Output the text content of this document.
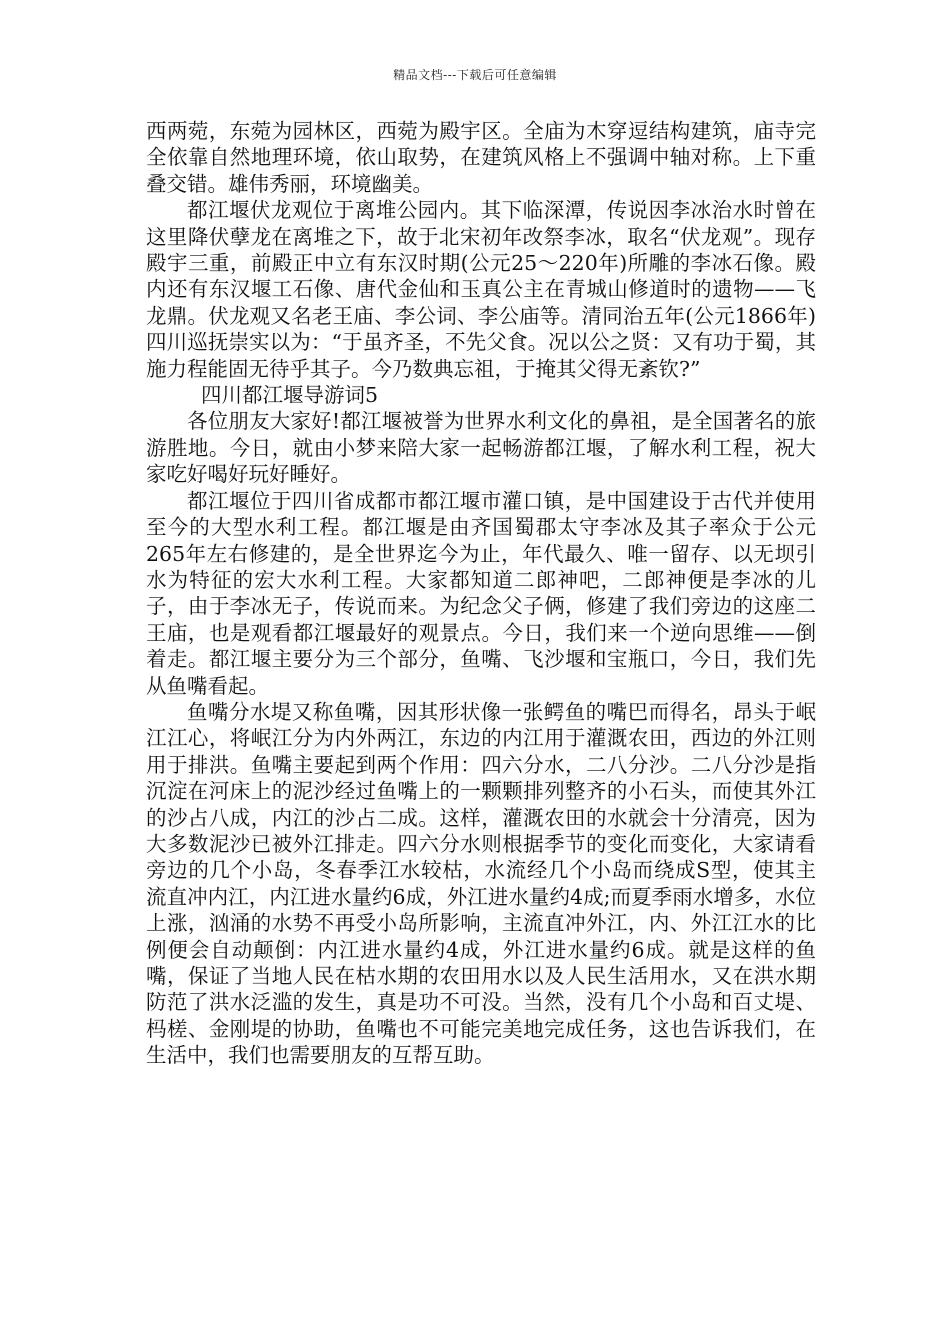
精品文档---下载后可任意编辑

西两菀，东菀为园林区，西菀为殿宇区。全庙为木穿逗结构建筑，庙寺完全依靠自然地理环境，依山取势，在建筑风格上不强调中轴对称。上下重叠交错。雄伟秀丽，环境幽美。

都江堰伏龙观位于离堆公园内。其下临深潭，传说因李冰治水时曾在这里降伏孽龙在离堆之下，故于北宋初年改祭李冰，取名“伏龙观”。现存殿宇三重，前殿正中立有东汉时期(公元25～220年)所雕的李冰石像。殿内还有东汉堰工石像、唐代金仙和玉真公主在青城山修道时的遗物——飞龙鼎。伏龙观又名老王庙、李公词、李公庙等。清同治五年(公元1866年)四川巡抚崇实以为：“于虽齐圣，不先父食。况以公之贤：又有功于蜀，其施力程能固无待乎其子。今乃数典忘祖，于掩其父得无紊钦?”

四川都江堰导游词5

各位朋友大家好!都江堰被誉为世界水利文化的鼻祖，是全国著名的旅游胜地。今日，就由小梦来陪大家一起畅游都江堰，了解水利工程，祝大家吃好喝好玩好睡好。

都江堰位于四川省成都市都江堰市灌口镇，是中国建设于古代并使用至今的大型水利工程。都江堰是由齐国蜀郡太守李冰及其子率众于公元265年左右修建的，是全世界迄今为止，年代最久、唯一留存、以无坝引水为特征的宏大水利工程。大家都知道二郎神吧，二郎神便是李冰的儿子，由于李冰无子，传说而来。为纪念父子俩，修建了我们旁边的这座二王庙，也是观看都江堰最好的观景点。今日，我们来一个逆向思维——倒着走。都江堰主要分为三个部分，鱼嘴、飞沙堰和宝瓶口，今日，我们先从鱼嘴看起。

鱼嘴分水堤又称鱼嘴，因其形状像一张鳄鱼的嘴巴而得名，昂头于岷江江心，将岷江分为内外两江，东边的内江用于灌溉农田，西边的外江则用于排洪。鱼嘴主要起到两个作用：四六分水，二八分沙。二八分沙是指沉淀在河床上的泥沙经过鱼嘴上的一颗颗排列整齐的小石头，而使其外江的沙占八成，内江的沙占二成。这样，灌溉农田的水就会十分清亮，因为大多数泥沙已被外江排走。四六分水则根据季节的变化而变化，大家请看旁边的几个小岛，冬春季江水较枯，水流经几个小岛而绕成S型，使其主流直冲内江，内江进水量约6成，外江进水量约4成;而夏季雨水增多，水位上涨，汹涌的水势不再受小岛所影响，主流直冲外江，内、外江江水的比例便会自动颠倒：内江进水量约4成，外江进水量约6成。就是这样的鱼嘴，保证了当地人民在枯水期的农田用水以及人民生活用水，又在洪水期防范了洪水泛滥的发生，真是功不可没。当然，没有几个小岛和百丈堤、杩槎、金刚堤的协助，鱼嘴也不可能完美地完成任务，这也告诉我们，在生活中，我们也需要朋友的互帮互助。
